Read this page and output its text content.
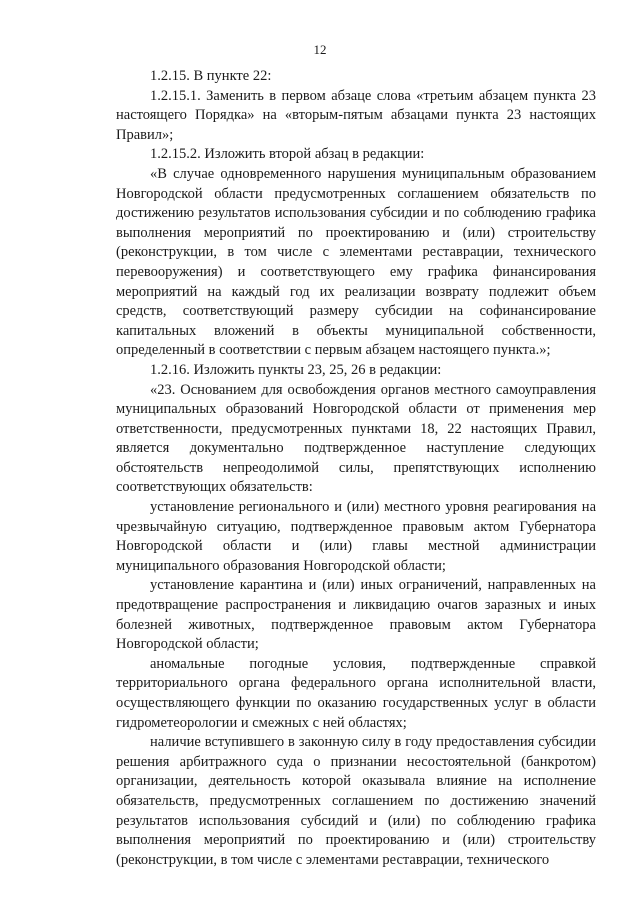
12

1.2.15. В пункте 22:

1.2.15.1. Заменить в первом абзаце слова «третьим абзацем пункта 23 настоящего Порядка» на «вторым-пятым абзацами пункта 23 настоящих Правил»;

1.2.15.2. Изложить второй абзац в редакции:

«В случае одновременного нарушения муниципальным образованием Новгородской области предусмотренных соглашением обязательств по достижению результатов использования субсидии и по соблюдению графика выполнения мероприятий по проектированию и (или) строительству (реконструкции, в том числе с элементами реставрации, технического перевооружения) и соответствующего ему графика финансирования мероприятий на каждый год их реализации возврату подлежит объем средств, соответствующий размеру субсидии на софинансирование капитальных вложений в объекты муниципальной собственности, определенный в соответствии с первым абзацем настоящего пункта.»;

1.2.16. Изложить пункты 23, 25, 26 в редакции:

«23. Основанием для освобождения органов местного самоуправления муниципальных образований Новгородской области от применения мер ответственности, предусмотренных пунктами 18, 22 настоящих Правил, является документально подтвержденное наступление следующих обстоятельств непреодолимой силы, препятствующих исполнению соответствующих обязательств:

установление регионального и (или) местного уровня реагирования на чрезвычайную ситуацию, подтвержденное правовым актом Губернатора Новгородской области и (или) главы местной администрации муниципального образования Новгородской области;

установление карантина и (или) иных ограничений, направленных на предотвращение распространения и ликвидацию очагов заразных и иных болезней животных, подтвержденное правовым актом Губернатора Новгородской области;

аномальные погодные условия, подтвержденные справкой территориального органа федерального органа исполнительной власти, осуществляющего функции по оказанию государственных услуг в области гидрометеорологии и смежных с ней областях;

наличие вступившего в законную силу в году предоставления субсидии решения арбитражного суда о признании несостоятельной (банкротом) организации, деятельность которой оказывала влияние на исполнение обязательств, предусмотренных соглашением по достижению значений результатов использования субсидий и (или) по соблюдению графика выполнения мероприятий по проектированию и (или) строительству (реконструкции, в том числе с элементами реставрации, технического
